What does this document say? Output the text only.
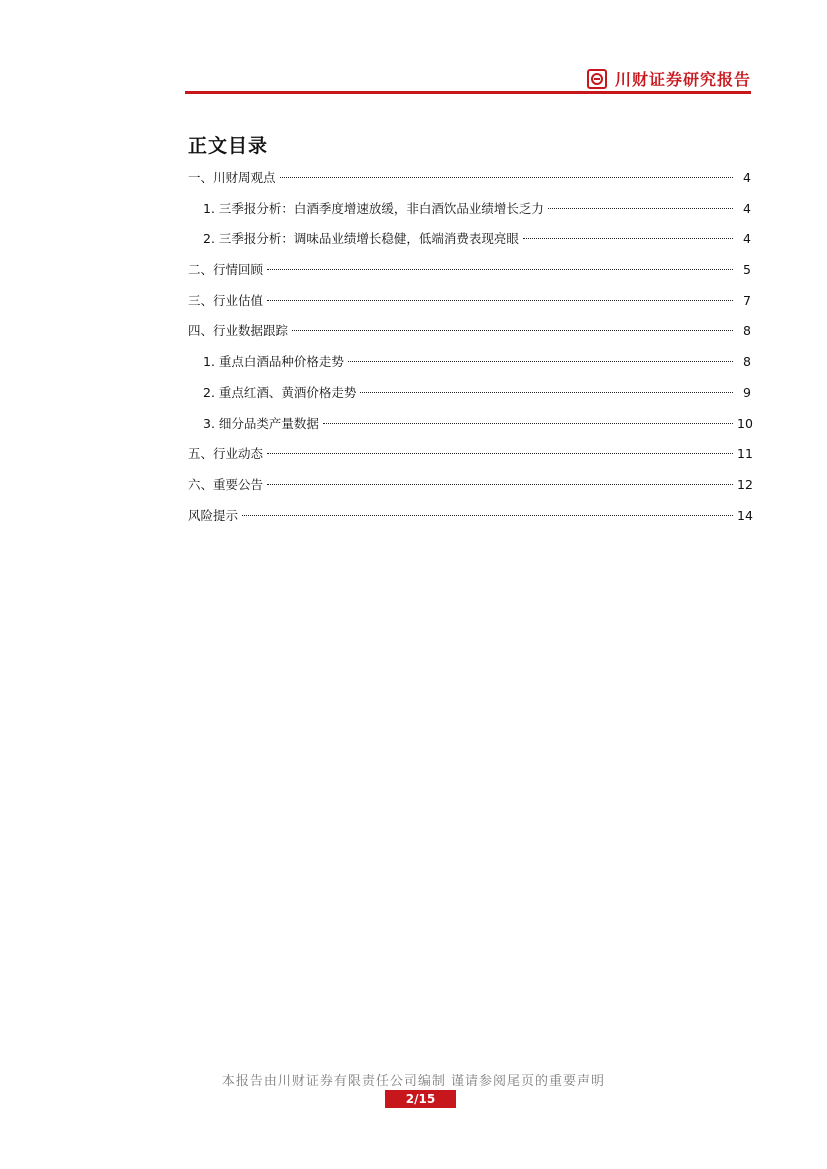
川财证券研究报告
正文目录
一、川财周观点	4
1. 三季报分析：白酒季度增速放缓，非白酒饮品业绩增长乏力	4
2. 三季报分析：调味品业绩增长稳健，低端消费表现亮眼	4
二、行情回顾	5
三、行业估值	7
四、行业数据跟踪	8
1. 重点白酒品种价格走势	8
2. 重点红酒、黄酒价格走势	9
3. 细分品类产量数据	10
五、行业动态	11
六、重要公告	12
风险提示	14
本报告由川财证券有限责任公司编制 谨请参阅尾页的重要声明
2/15
